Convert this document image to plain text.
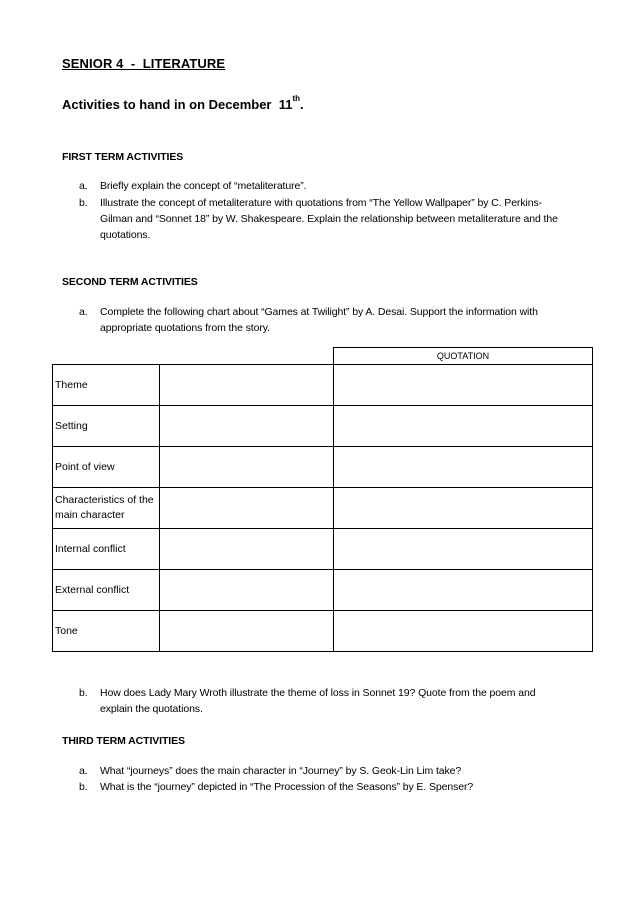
SENIOR 4  -  LITERATURE
Activities to hand in on December  11th.
FIRST TERM ACTIVITIES
a. Briefly explain the concept of “metaliterature”.
b. Illustrate the concept of metaliterature with quotations from “The Yellow Wallpaper” by C. Perkins-Gilman and “Sonnet 18” by W. Shakespeare. Explain the relationship between metaliterature and the quotations.
SECOND TERM ACTIVITIES
a. Complete the following chart about “Games at Twilight” by A. Desai. Support the information with appropriate quotations from the story.
		QUOTATION
Theme		
Setting		
Point of view		
Characteristics of the main character		
Internal conflict		
External conflict		
Tone		
b. How does Lady Mary Wroth illustrate the theme of loss in Sonnet 19? Quote from the poem and explain the quotations.
THIRD TERM ACTIVITIES
a. What “journeys” does the main character in “Journey” by S. Geok-Lin Lim take?
b. What is the “journey” depicted in “The Procession of the Seasons” by E. Spenser?
